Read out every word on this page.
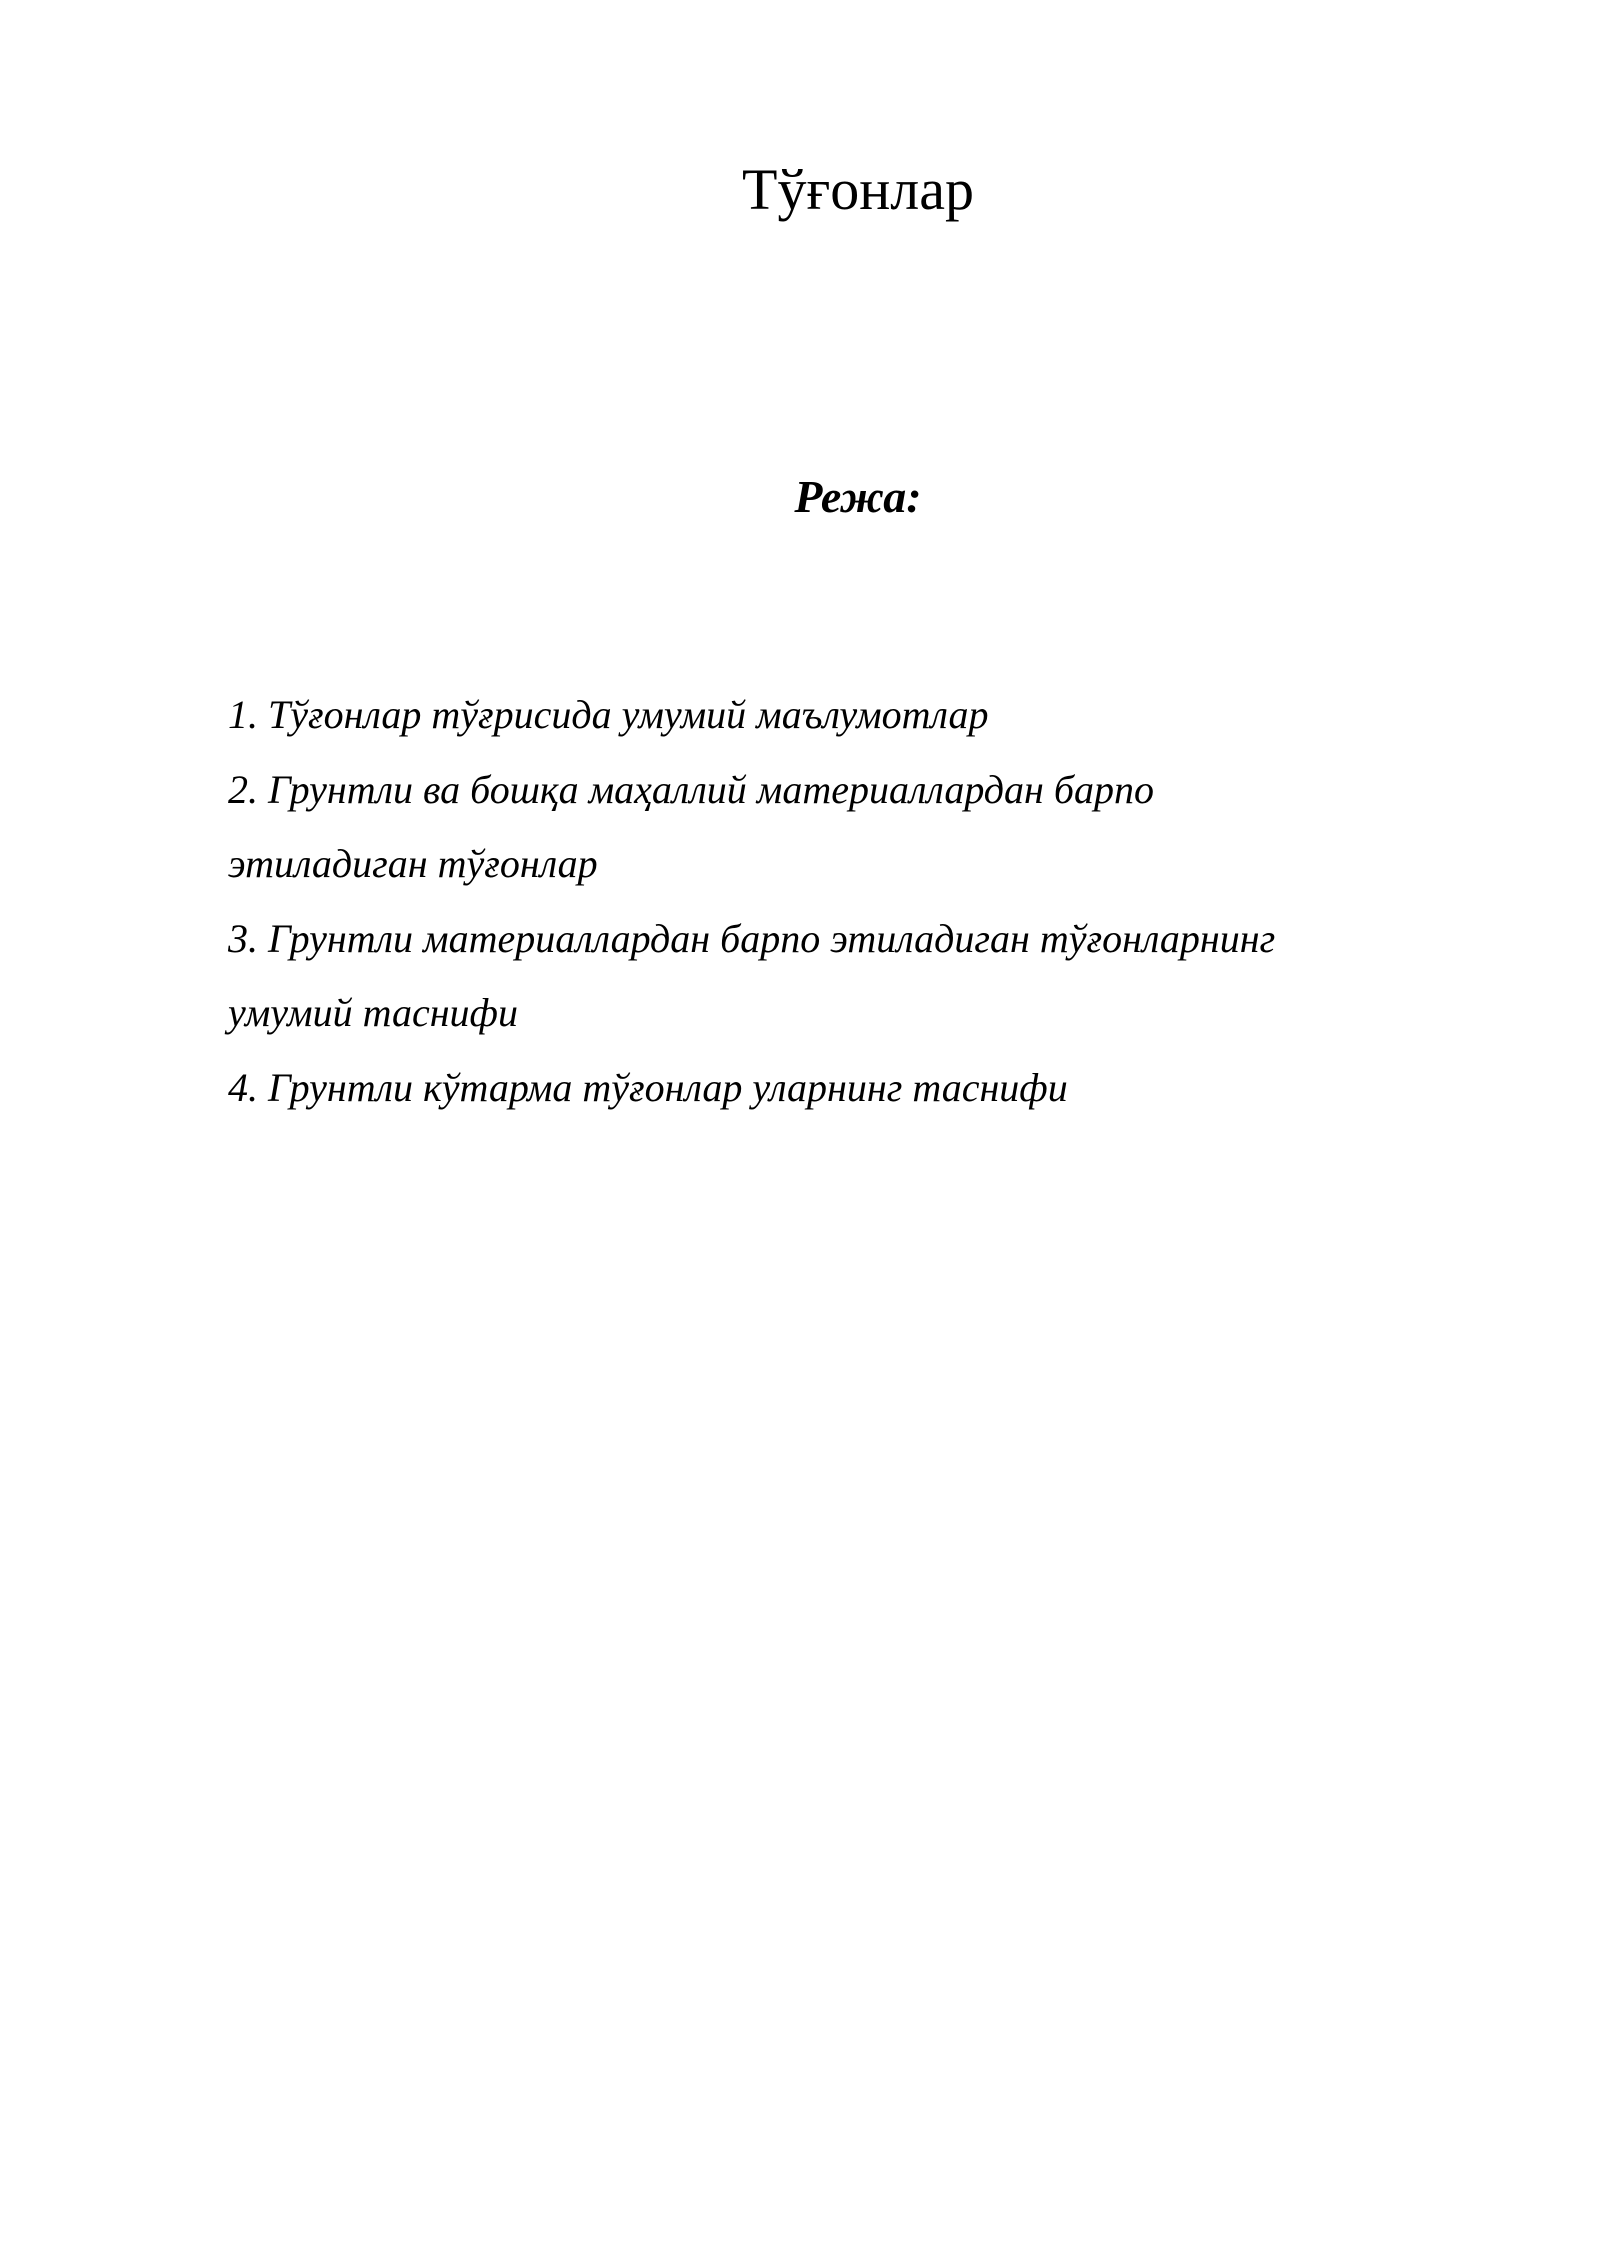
Тўғонлар
Режа:
1. Тўғонлар тўғрисида умумий маълумотлар
2. Грунтли ва бошқа маҳаллий материаллардан барпо
этиладиган тўғонлар
3. Грунтли материаллардан барпо этиладиган тўғонларнинг
умумий таснифи
4. Грунтли кўтарма тўғонлар уларнинг таснифи
